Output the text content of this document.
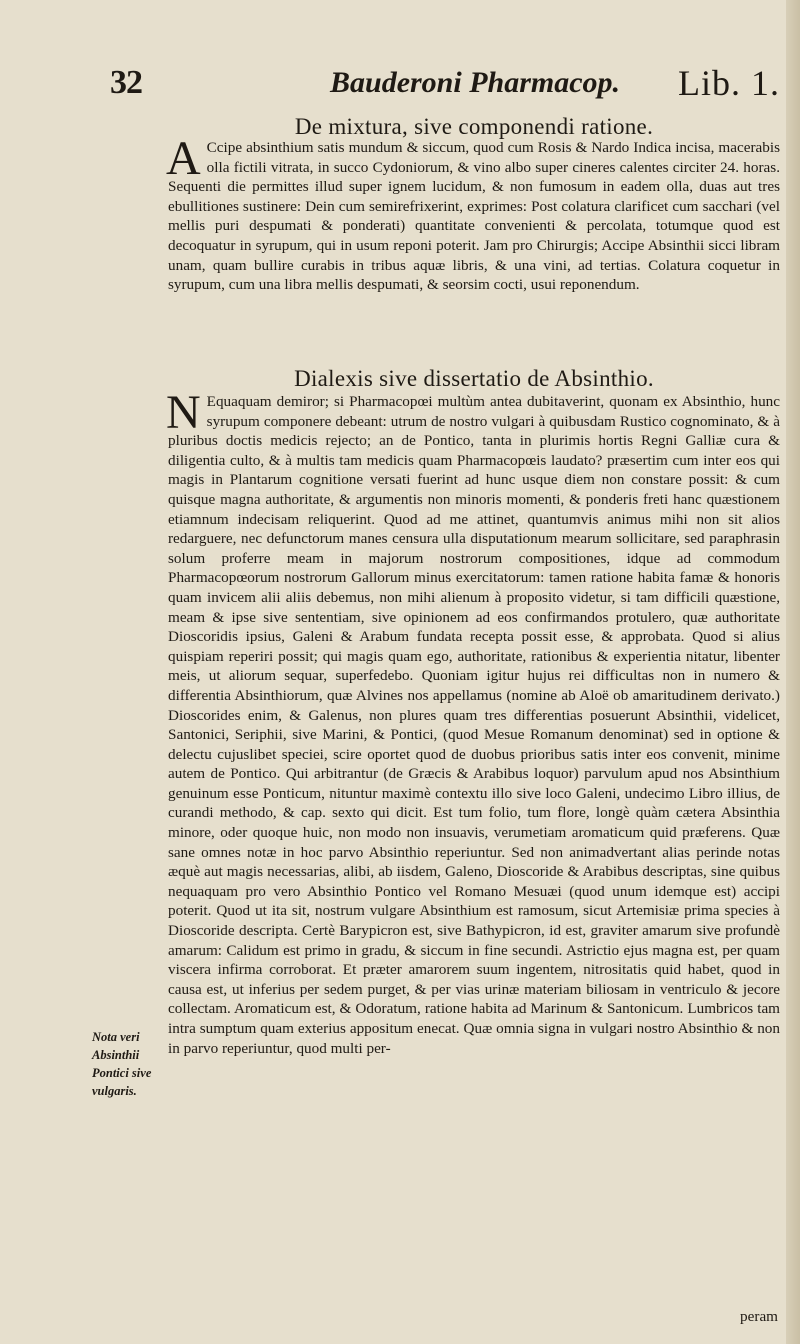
32	Bauderoni Pharmacop. Lib. 1.
De mixtura, sive componendi ratione.

A Ccipe absinthium satis mundum & siccum, quod cum Rosis & Nardo Indica incisa, macerabis olla fictili vitrata, in succo Cydoniorum, & vino albo super cineres calentes circiter 24. horas. Sequenti die permittes illud super ignem lucidum, & non fumosum in eadem olla, duas aut tres ebullitiones sustinere: Dein cum semirefrixerint, exprimes: Post colatura clarificet cum sacchari (vel mellis puri despumati & ponderati) quantitate convenienti & percolata, totumque quod est decoquatur in syrupum, qui in usum reponi poterit. Jam pro Chirurgis; Accipe Absinthii sicci libram unam, quam bullire curabis in tribus aquæ libris, & una vini, ad tertias. Colatura coquetur in syrupum, cum una libra mellis despumati, & seorsim cocti, usui reponendum.

Dialexis sive dissertatio de Absinthio.

N Equaquam demiror; si Pharmacopœi multùm antea dubitaverint, quonam ex Absinthio, hunc syrupum componere debeant: utrum de nostro vulgari à quibusdam Rustico cognominato, & à pluribus doctis medicis rejecto; an de Pontico, tanta in plurimis hortis Regni Galliæ cura & diligentia culto, & à multis tam medicis quam Pharmacopœis laudato? præsertim cum inter eos qui magis in Plantarum cognitione versati fuerint ad hunc usque diem non constare possit: & cum quisque magna authoritate, & argumentis non minoris momenti, & ponderis freti hanc quæstionem etiamnum indecisam reliquerint. Quod ad me attinet, quantumvis animus mihi non sit alios redarguere, nec defunctorum manes censura ulla disputationum mearum sollicitare, sed paraphrasin solum proferre meam in majorum nostrorum compositiones, idque ad commodum Pharmacopœorum nostrorum Gallorum minus exercitatorum: tamen ratione habita famæ & honoris quam invicem alii aliis debemus, non mihi alienum à proposito videtur, si tam difficili quæstione, meam & ipse sive sententiam, sive opinionem ad eos confirmandos protulero, quæ authoritate Dioscoridis ipsius, Galeni & Arabum fundata recepta possit esse, & approbata. Quod si alius quispiam reperiri possit; qui magis quam ego, authoritate, rationibus & experientia nitatur, libenter meis, ut aliorum sequar, superfedebo. Quoniam igitur hujus rei difficultas non in numero & differentia Absinthiorum, quæ Alvines nos appellamus (nomine ab Aloë ob amaritudinem derivato.) Dioscorides enim, & Galenus, non plures quam tres differentias posuerunt Absinthii, videlicet, Santonici, Seriphii, sive Marini, & Pontici, (quod Mesue Romanum denominat) sed in optione & delectu cujuslibet speciei, scire oportet quod de duobus prioribus satis inter eos convenit, minime autem de Pontico. Qui arbitrantur (de Græcis & Arabibus loquor) parvulum apud nos Absinthium genuinum esse Ponticum, nituntur maximè contextu illo sive loco Galeni, undecimo Libro illius, de curandi methodo, & cap. sexto qui dicit. Est tum folio, tum flore, longè quàm cætera Absinthia minore, oder quoque huic, non modo non insuavis, verumetiam aromaticum quid præferens. Quæ sane omnes notæ in hoc parvo Absinthio reperiuntur. Sed non animadvertant alias perinde notas æquè aut magis necessarias, alibi, ab iisdem, Galeno, Dioscoride & Arabibus descriptas, sine quibus nequaquam pro vero Absinthio Pontico vel Romano Mesuæi (quod unum idemque est) accipi poterit. Quod ut ita sit, nostrum vulgare Absinthium est ramosum, sicut Artemisiæ prima species à Dioscoride descripta. Certè Barypicron est, sive Bathypicron, id est, graviter amarum sive profundè amarum: Calidum est primo in gradu, & siccum in fine secundi. Astrictio ejus magna est, per quam viscera infirma corroborat. Et præter amarorem suum ingentem, nitrositatis quid habet, quod in causa est, ut inferius per sedem purget, & per vias urinæ materiam biliosam in ventriculo & jecore collectam. Aromaticum est, & Odoratum, ratione habita ad Marinum & Santonicum. Lumbricos tam intra sumptum quam exterius appositum enecat. Quæ omnia signa in vulgari nostro Absinthio & non in parvo reperiuntur, quod multi per-

Nota veri Absinthii Pontici sive vulgaris.
peram
